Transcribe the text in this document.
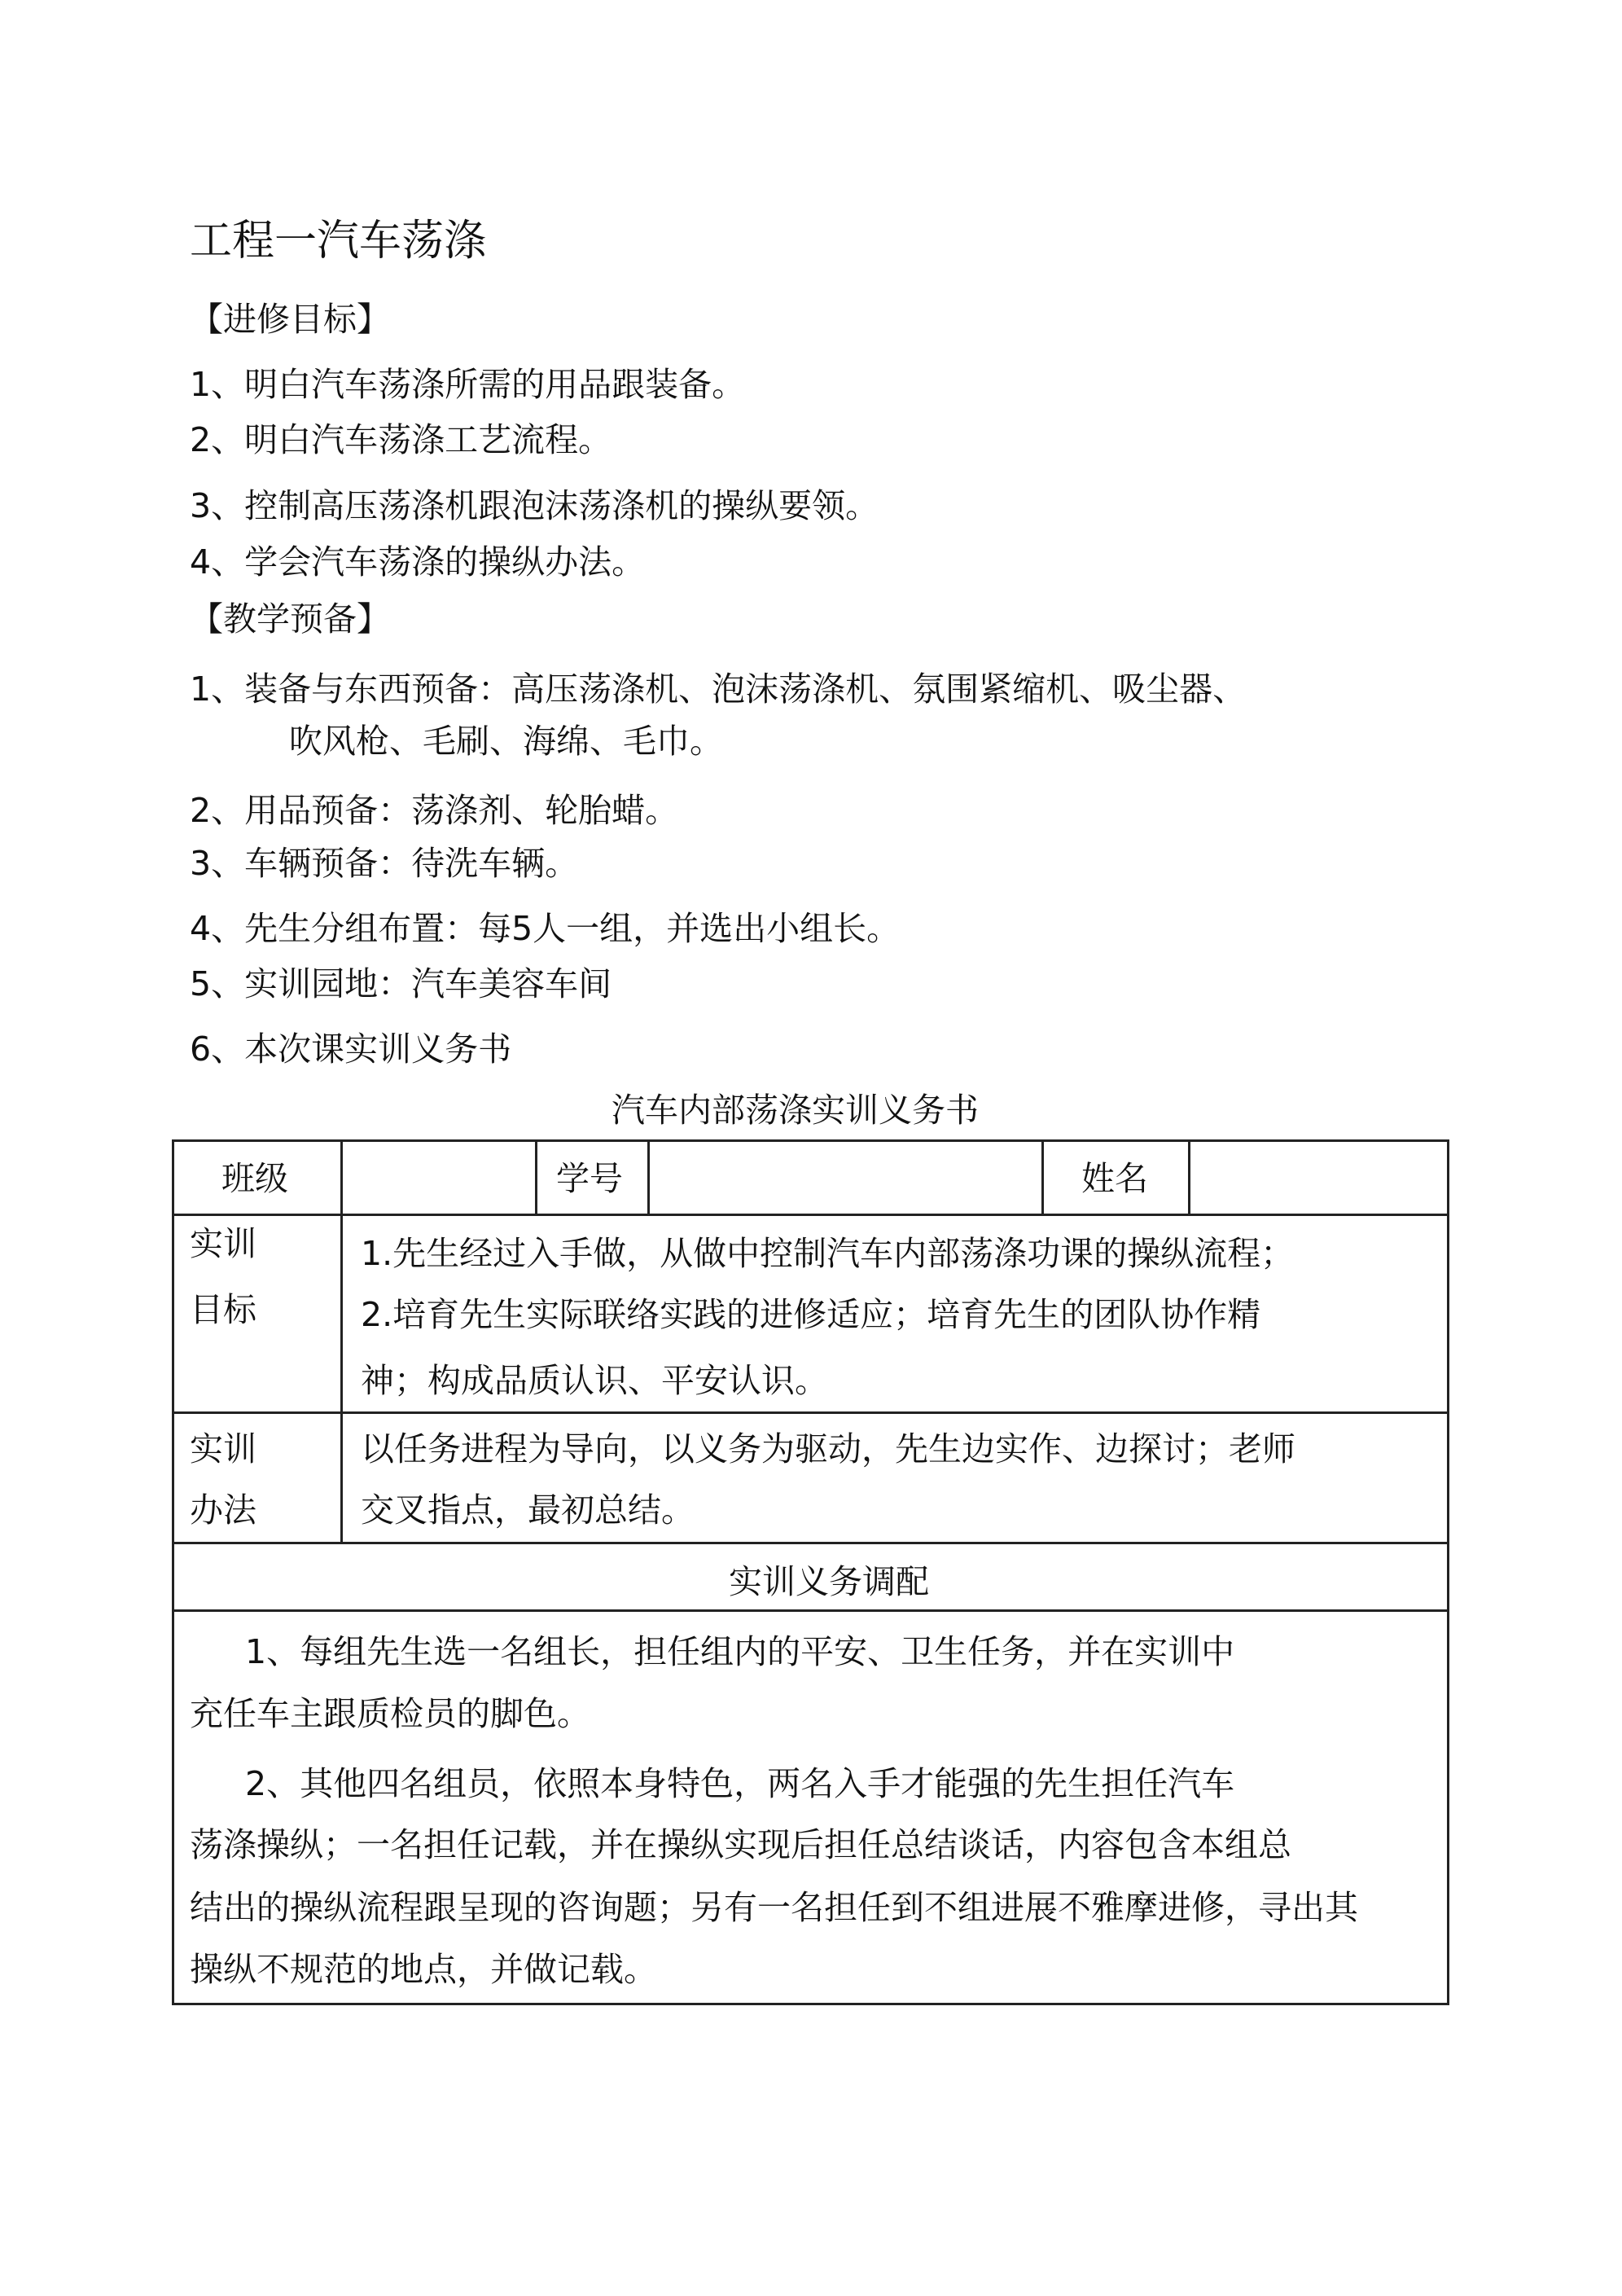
工程一汽车荡涤
【进修目标】
1、明白汽车荡涤所需的用品跟装备。
2、明白汽车荡涤工艺流程。
3、控制高压荡涤机跟泡沫荡涤机的操纵要领。
4、学会汽车荡涤的操纵办法。
【教学预备】
1、装备与东西预备：高压荡涤机、泡沫荡涤机、氛围紧缩机、吸尘器、
吹风枪、毛刷、海绵、毛巾。
2、用品预备：荡涤剂、轮胎蜡。
3、车辆预备：待洗车辆。
4、先生分组布置：每5人一组，并选出小组长。
5、实训园地：汽车美容车间
6、本次课实训义务书
汽车内部荡涤实训义务书
班级	学号	姓名
实训
目标
1.先生经过入手做，从做中控制汽车内部荡涤功课的操纵流程；
2.培育先生实际联络实践的进修适应；培育先生的团队协作精
神；构成品质认识、平安认识。
实训
办法
以任务进程为导向，以义务为驱动，先生边实作、边探讨；老师
交叉指点，最初总结。
实训义务调配
1、每组先生选一名组长，担任组内的平安、卫生任务，并在实训中
充任车主跟质检员的脚色。
2、其他四名组员，依照本身特色，两名入手才能强的先生担任汽车
荡涤操纵；一名担任记载，并在操纵实现后担任总结谈话，内容包含本组总
结出的操纵流程跟呈现的咨询题；另有一名担任到不组进展不雅摩进修，寻出其
操纵不规范的地点，并做记载。
